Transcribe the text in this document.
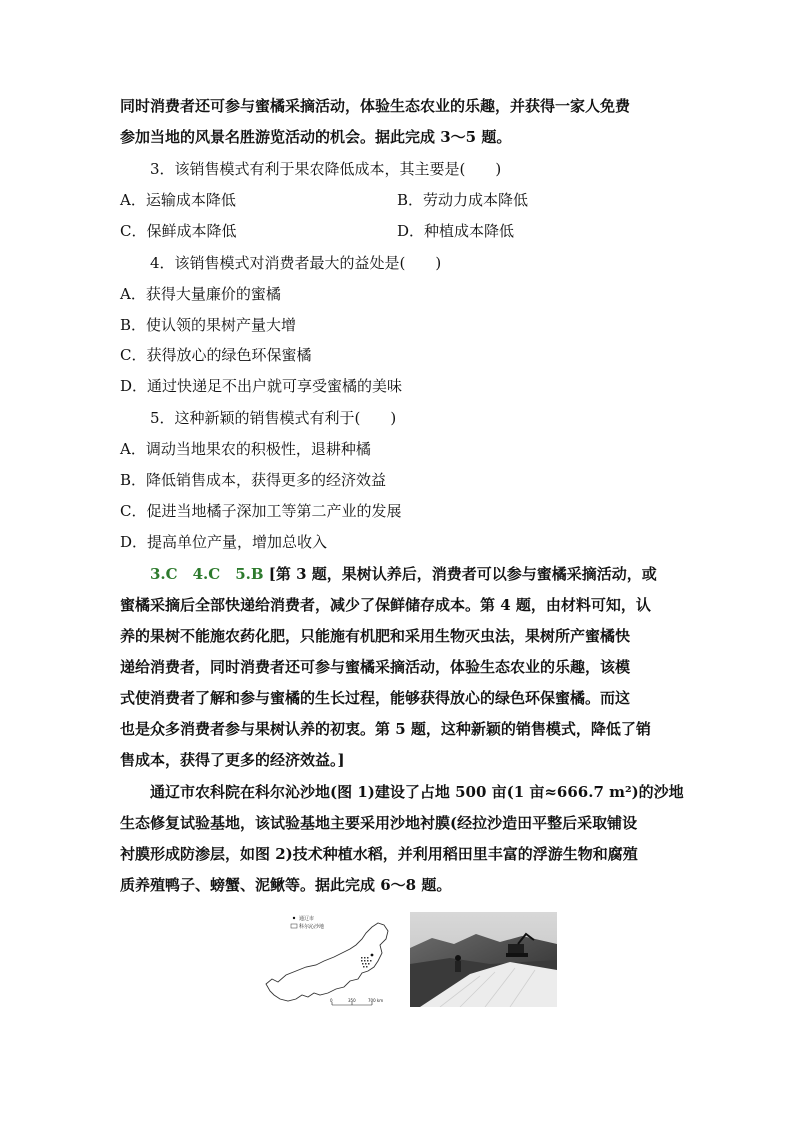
同时消费者还可参与蜜橘采摘活动，体验生态农业的乐趣，并获得一家人免费
参加当地的风景名胜游览活动的机会。据此完成 3～5 题。
3．该销售模式有利于果农降低成本，其主要是(　　)
A．运输成本降低	B．劳动力成本降低
C．保鲜成本降低	D．种植成本降低
4．该销售模式对消费者最大的益处是(　　)
A．获得大量廉价的蜜橘
B．使认领的果树产量大增
C．获得放心的绿色环保蜜橘
D．通过快递足不出户就可享受蜜橘的美味
5．这种新颖的销售模式有利于(　　)
A．调动当地果农的积极性，退耕种橘
B．降低销售成本，获得更多的经济效益
C．促进当地橘子深加工等第二产业的发展
D．提高单位产量，增加总收入
3.C　4.C　5.B [第 3 题，果树认养后，消费者可以参与蜜橘采摘活动，或
蜜橘采摘后全部快递给消费者，减少了保鲜储存成本。第 4 题，由材料可知，认
养的果树不能施农药化肥，只能施有机肥和采用生物灭虫法，果树所产蜜橘快
递给消费者，同时消费者还可参与蜜橘采摘活动，体验生态农业的乐趣，该模
式使消费者了解和参与蜜橘的生长过程，能够获得放心的绿色环保蜜橘。而这
也是众多消费者参与果树认养的初衷。第 5 题，这种新颖的销售模式，降低了销
售成本，获得了更多的经济效益。]
通辽市农科院在科尔沁沙地(图 1)建设了占地 500 亩(1 亩≈666.7 m²)的沙地
生态修复试验基地，该试验基地主要采用沙地衬膜(经拉沙造田平整后采取铺设
衬膜形成防渗层，如图 2)技术种植水稻，并利用稻田里丰富的浮游生物和腐殖
质养殖鸭子、螃蟹、泥鳅等。据此完成 6～8 题。
通辽市
科尔沁沙地
0	350	700 km
